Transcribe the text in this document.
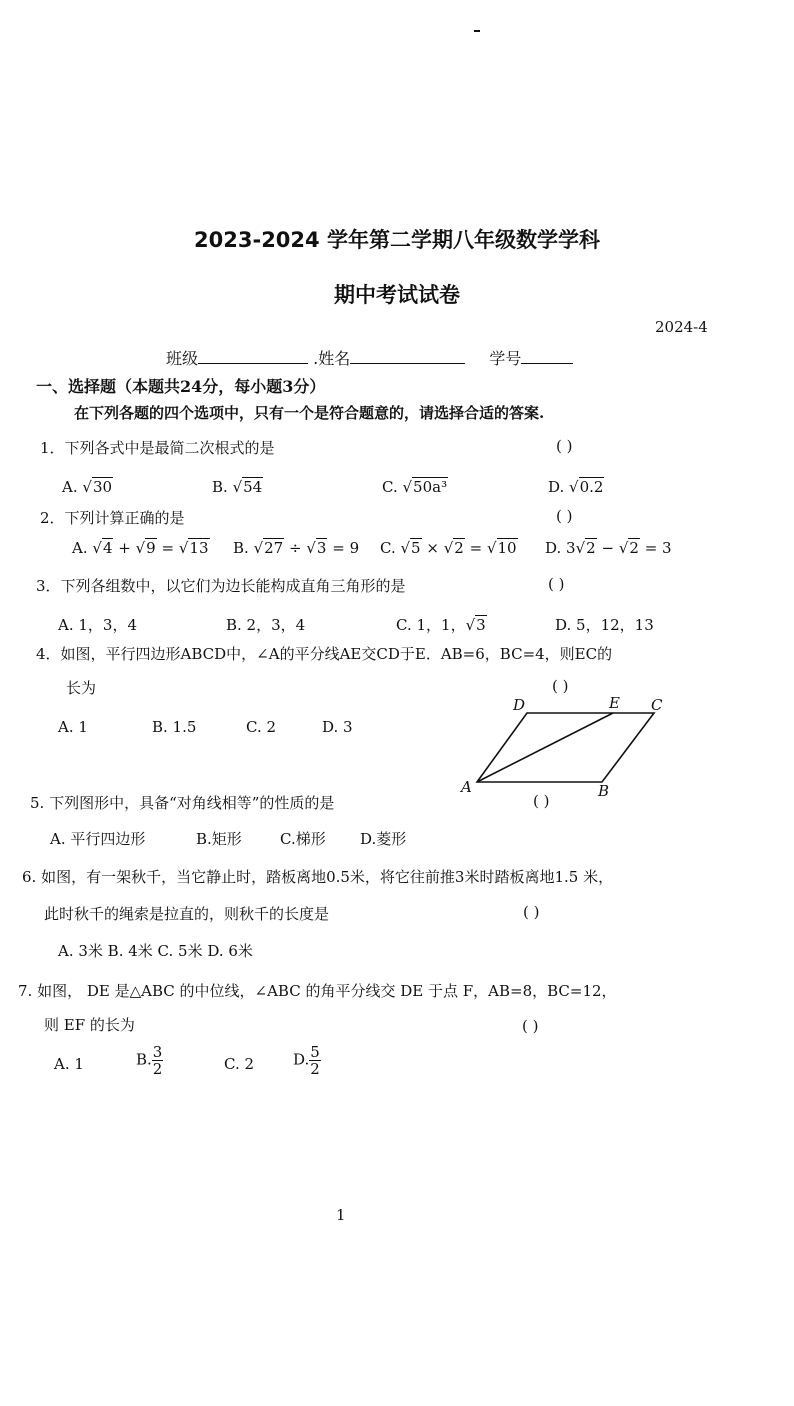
2023-2024 学年第二学期八年级数学学科
期中考试试卷
2024-4
班级	.姓名	学号
一、选择题（本题共24分，每小题3分）
在下列各题的四个选项中，只有一个是符合题意的，请选择合适的答案.
1．下列各式中是最简二次根式的是	( )
A. √30	B. √54	C. √50a³	D. √0.2
2．下列计算正确的是	( )
A. √4 + √9 = √13 B. √27 ÷ √3 = 9 C. √5 × √2 = √10 D. 3√2 − √2 = 3
3．下列各组数中，以它们为边长能构成直角三角形的是	( )
A. 1，3，4	B. 2，3，4	C. 1，1，√3	D. 5，12，13
4．如图，平行四边形ABCD中，∠A的平分线AE交CD于E．AB=6，BC=4，则EC的
长为	( )
A. 1	B. 1.5	C. 2	D. 3
A	B
C
D	E
5. 下列图形中，具备“对角线相等”的性质的是	( )
A. 平行四边形	B.矩形	C.梯形 D.菱形
6. 如图，有一架秋千，当它静止时，踏板离地0.5米，将它往前推3米时踏板离地1.5 米，
此时秋千的绳索是拉直的，则秋千的长度是	( )
A. 3米 B. 4米 C. 5米 D. 6米
7. 如图， DE 是△ABC 的中位线，∠ABC 的角平分线交 DE 于点 F，AB=8，BC=12，
则 EF 的长为	( )
A. 1	B. $\frac{3}{2}$	C. 2	D. $\frac{5}{2}$
1
